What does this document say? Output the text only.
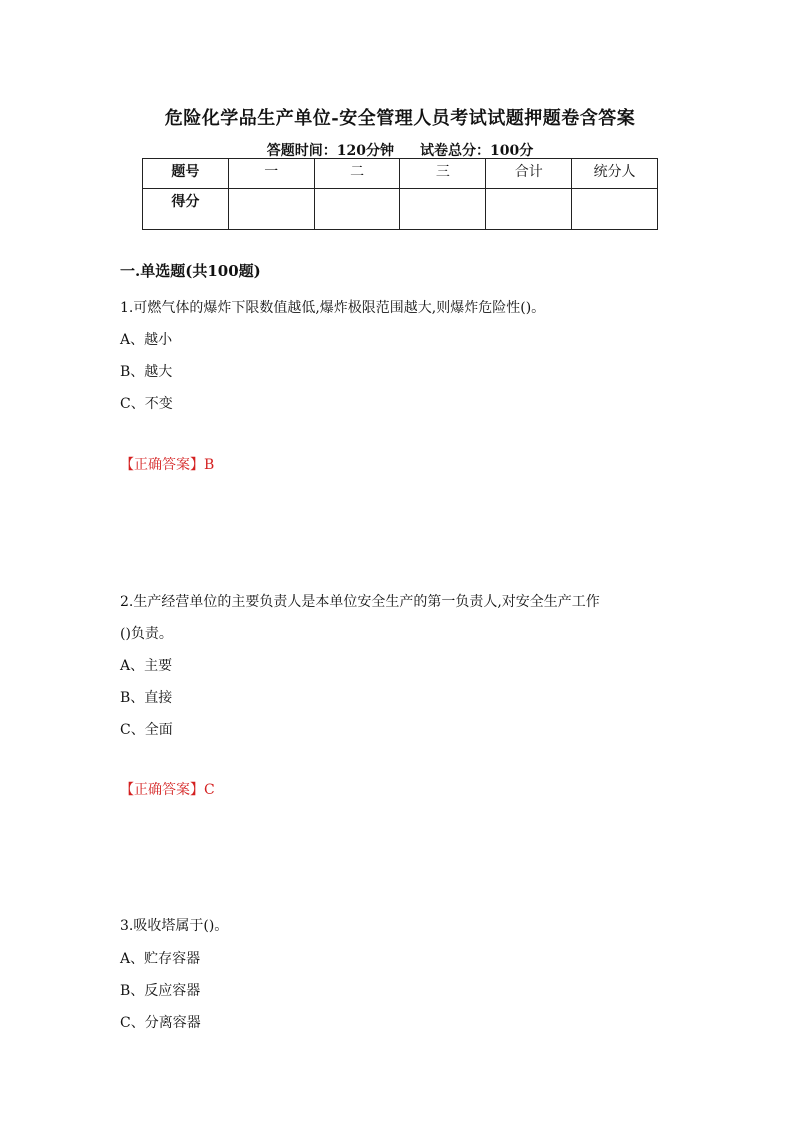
危险化学品生产单位-安全管理人员考试试题押题卷含答案
答题时间：120分钟 试卷总分：100分
题号	一	二	三	合计	统分人
得分					
一.单选题(共100题)
1.可燃气体的爆炸下限数值越低,爆炸极限范围越大,则爆炸危险性()。
A、越小
B、越大
C、不变
【正确答案】B
2.生产经营单位的主要负责人是本单位安全生产的第一负责人,对安全生产工作
()负责。
A、主要
B、直接
C、全面
【正确答案】C
3.吸收塔属于()。
A、贮存容器
B、反应容器
C、分离容器
